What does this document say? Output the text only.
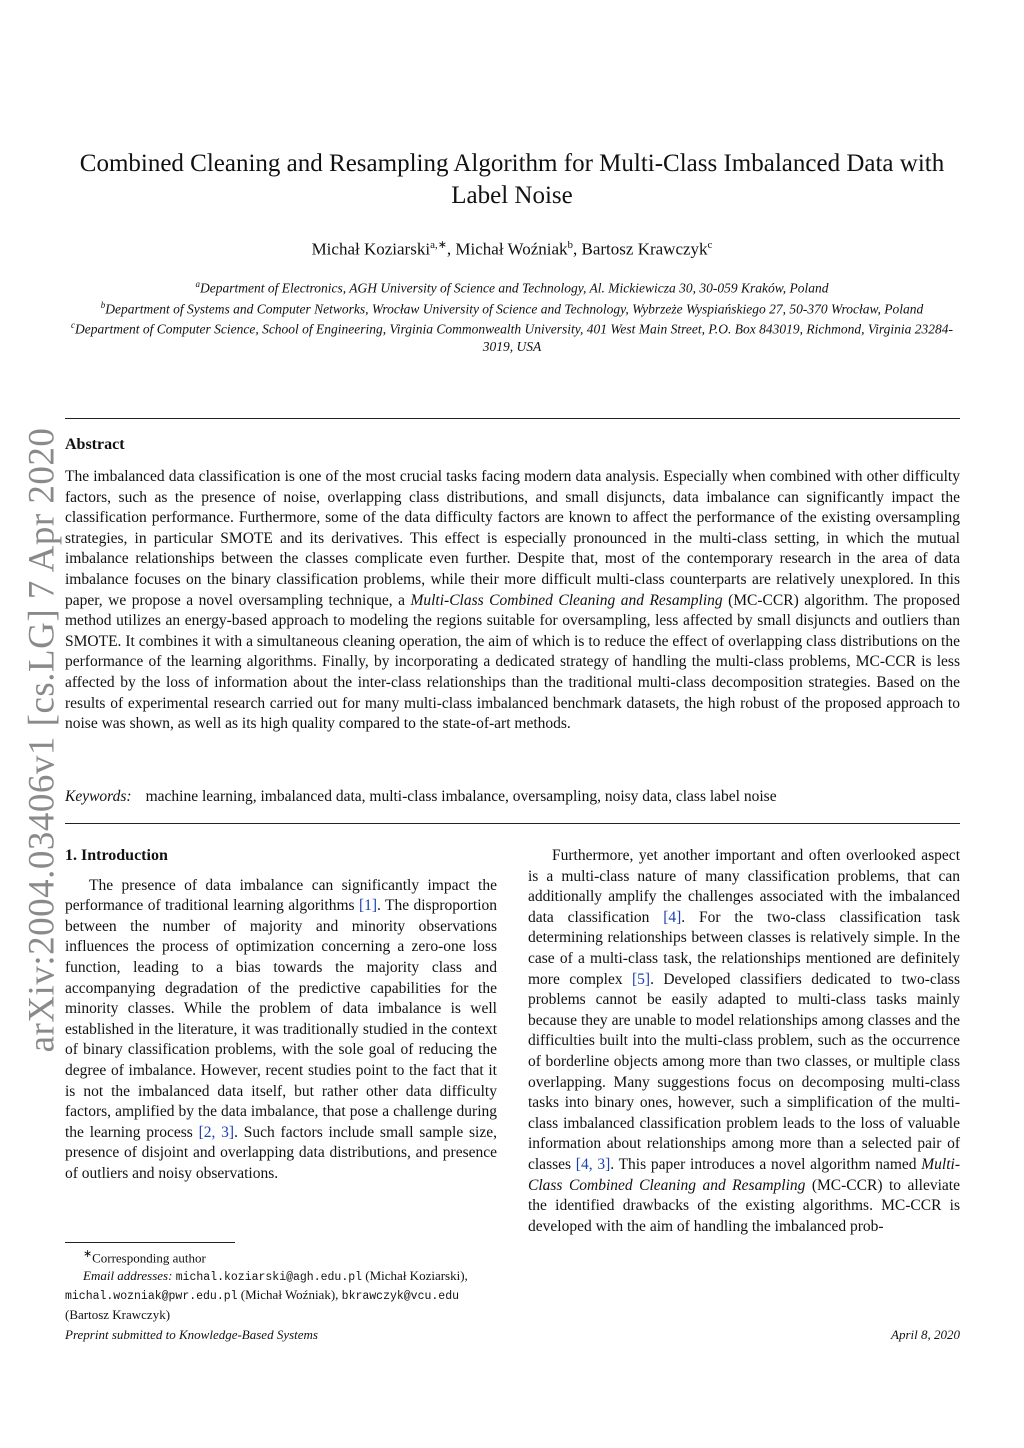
arXiv:2004.03406v1 [cs.LG] 7 Apr 2020
Combined Cleaning and Resampling Algorithm for Multi-Class Imbalanced Data with Label Noise
Michał Koziarski$^{a,∗}$, Michał Woźniak$^b$, Bartosz Krawczyk$^c$

$^a$Department of Electronics, AGH University of Science and Technology, Al. Mickiewicza 30, 30-059 Kraków, Poland

$^b$Department of Systems and Computer Networks, Wrocław University of Science and Technology, Wybrzeże Wyspiańskiego 27, 50-370 Wrocław, Poland

$^c$Department of Computer Science, School of Engineering, Virginia Commonwealth University, 401 West Main Street, P.O. Box 843019, Richmond, Virginia 23284-3019, USA

Abstract

The imbalanced data classification is one of the most crucial tasks facing modern data analysis. Especially when combined with other difficulty factors, such as the presence of noise, overlapping class distributions, and small disjuncts, data imbalance can significantly impact the classification performance. Furthermore, some of the data difficulty factors are known to affect the performance of the existing oversampling strategies, in particular SMOTE and its derivatives. This effect is especially pronounced in the multi-class setting, in which the mutual imbalance relationships between the classes complicate even further. Despite that, most of the contemporary research in the area of data imbalance focuses on the binary classification problems, while their more difficult multi-class counterparts are relatively unexplored. In this paper, we propose a novel oversampling technique, a Multi-Class Combined Cleaning and Resampling (MC-CCR) algorithm. The proposed method utilizes an energy-based approach to modeling the regions suitable for oversampling, less affected by small disjuncts and outliers than SMOTE. It combines it with a simultaneous cleaning operation, the aim of which is to reduce the effect of overlapping class distributions on the performance of the learning algorithms. Finally, by incorporating a dedicated strategy of handling the multi-class problems, MC-CCR is less affected by the loss of information about the inter-class relationships than the traditional multi-class decomposition strategies. Based on the results of experimental research carried out for many multi-class imbalanced benchmark datasets, the high robust of the proposed approach to noise was shown, as well as its high quality compared to the state-of-art methods.

Keywords: machine learning, imbalanced data, multi-class imbalance, oversampling, noisy data, class label noise

1. Introduction

The presence of data imbalance can significantly impact the performance of traditional learning algorithms [1]. The disproportion between the number of majority and minority observations influences the process of optimization concerning a zero-one loss function, leading to a bias towards the majority class and accompanying degradation of the predictive capabilities for the minority classes. While the problem of data imbalance is well established in the literature, it was traditionally studied in the context of binary classification problems, with the sole goal of reducing the degree of imbalance. However, recent studies point to the fact that it is not the imbalanced data itself, but rather other data difficulty factors, amplified by the data imbalance, that pose a challenge during the learning process [2, 3]. Such factors include small sample size, presence of disjoint and overlapping data distributions, and presence of outliers and noisy observations.

Furthermore, yet another important and often overlooked aspect is a multi-class nature of many classification problems, that can additionally amplify the challenges associated with the imbalanced data classification [4]. For the two-class classification task determining relationships between classes is relatively simple. In the case of a multi-class task, the relationships mentioned are definitely more complex [5]. Developed classifiers dedicated to two-class problems cannot be easily adapted to multi-class tasks mainly because they are unable to model relationships among classes and the difficulties built into the multi-class problem, such as the occurrence of borderline objects among more than two classes, or multiple class overlapping. Many suggestions focus on decomposing multi-class tasks into binary ones, however, such a simplification of the multi-class imbalanced classification problem leads to the loss of valuable information about relationships among more than a selected pair of classes [4, 3]. This paper introduces a novel algorithm named Multi-Class Combined Cleaning and Resampling (MC-CCR) to alleviate the identified drawbacks of the existing algorithms. MC-CCR is developed with the aim of handling the imbalanced prob-

∗Corresponding author

Email addresses: michal.koziarski@agh.edu.pl (Michał Koziarski), michal.wozniak@pwr.edu.pl (Michał Woźniak), bkrawczyk@vcu.edu (Bartosz Krawczyk)

Preprint submitted to Knowledge-Based Systems	April 8, 2020
